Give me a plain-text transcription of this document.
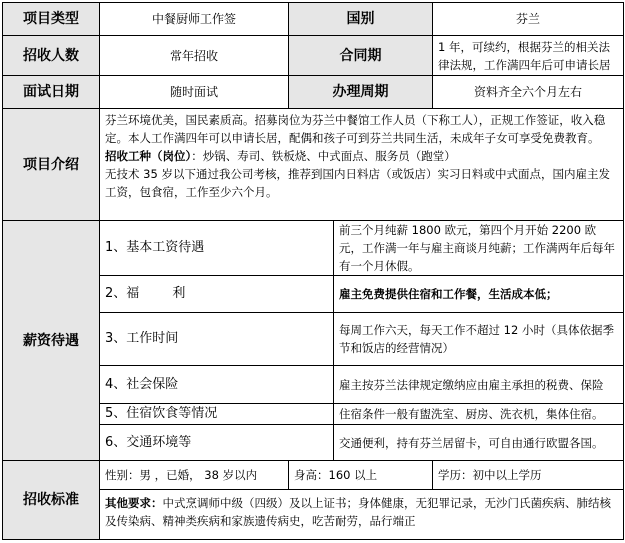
项目类型	中餐厨师工作签	国别		芬兰
招收人数	常年招收	合同期		1 年，可续约，根据芬兰的相关法律法规，工作满四年后可申请长居
面试日期	随时面试	办理周期		资料齐全六个月左右
项目介绍	芬兰环境优美，国民素质高。招募岗位为芬兰中餐馆工作人员（下称工人），正规工作签证，收入稳定。本人工作满四年可以申请长居，配偶和孩子可到芬兰共同生活，未成年子女可享受免费教育。
招收工种（岗位）：炒锅、寿司、铁板烧、中式面点、服务员（跑堂）
无技术 35 岁以下通过我公司考核，推荐到国内日料店（或饭店）实习日料或中式面点，国内雇主发工资，包食宿，工作至少六个月。			

薪资待遇	1、基本工资待遇		前三个月纯薪 1800 欧元，第四个月开始 2200 欧元，工作满一年与雇主商谈月纯薪；工作满两年后每年有一个月休假。	
	2、福        利		雇主免费提供住宿和工作餐，生活成本低；	
	3、工作时间		每周工作六天，每天工作不超过 12 小时（具体依据季节和饭店的经营情况）	
	4、社会保险		雇主按芬兰法律规定缴纳应由雇主承担的税费、保险	
	5、住宿饮食等情况		住宿条件一般有盥洗室、厨房、洗衣机，集体住宿。	
	6、交通环境等		交通便利，持有芬兰居留卡，可自由通行欧盟各国。	
招收标准	性别：男 ，已婚， 38 岁以内	身高：160 以上		学历：初中以上学历
	其他要求：中式烹调师中级（四级）及以上证书；身体健康，无犯罪记录，无沙门氏菌疾病、肺结核及传染病、精神类疾病和家族遗传病史，吃苦耐劳，品行端正			
